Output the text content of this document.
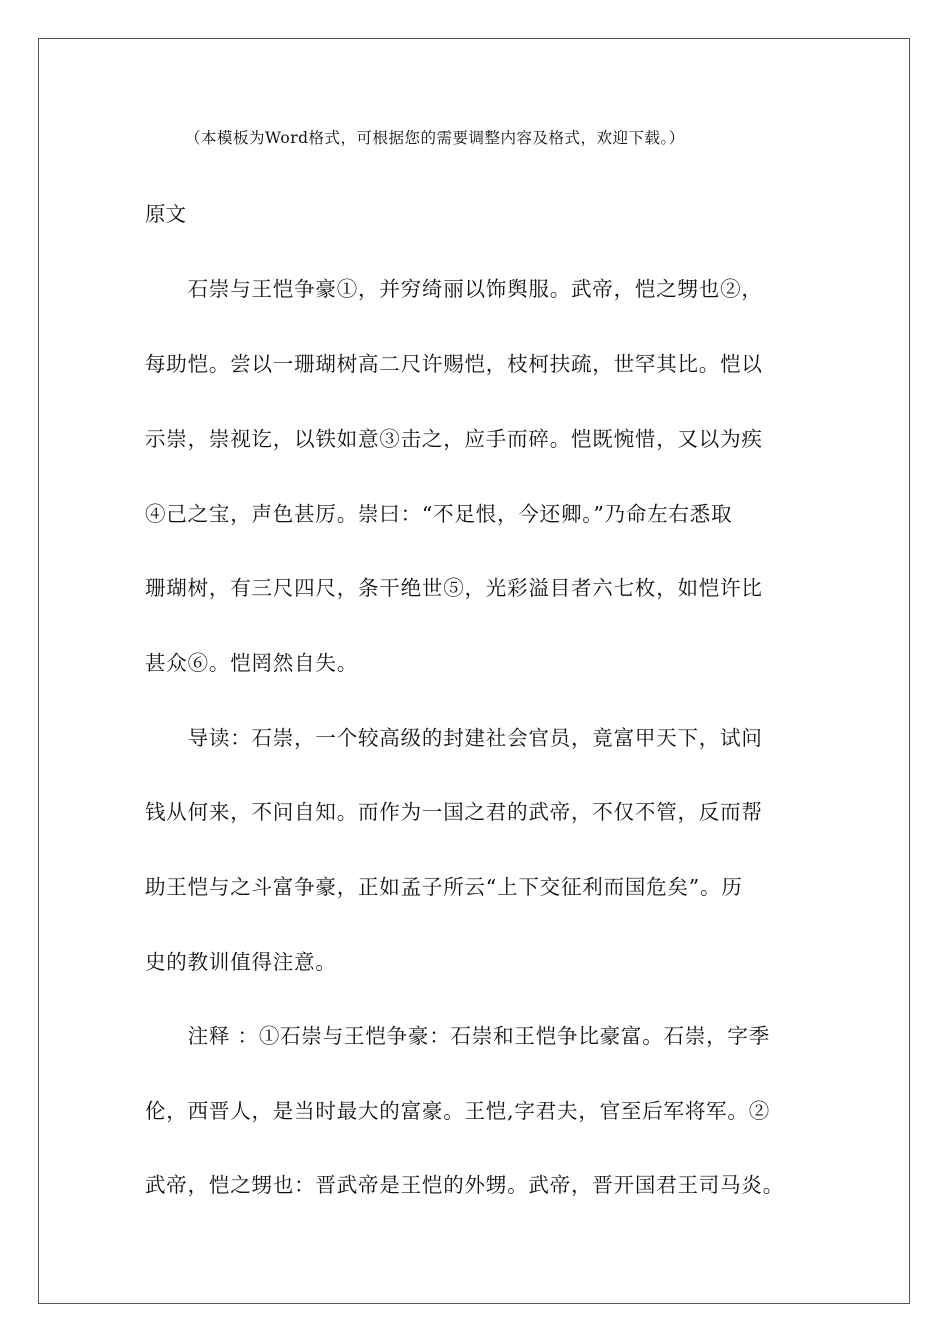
（本模板为Word格式，可根据您的需要调整内容及格式，欢迎下载。）
原文
　　石崇与王恺争豪①，并穷绮丽以饰舆服。武帝，恺之甥也②，
每助恺。尝以一珊瑚树高二尺许赐恺，枝柯扶疏，世罕其比。恺以
示崇，崇视讫，以铁如意③击之，应手而碎。恺既惋惜，又以为疾
④己之宝，声色甚厉。崇曰：“不足恨，今还卿。”乃命左右悉取
珊瑚树，有三尺四尺，条干绝世⑤，光彩溢目者六七枚，如恺许比
甚众⑥。恺罔然自失。
　　导读：石崇，一个较高级的封建社会官员，竟富甲天下，试问
钱从何来，不问自知。而作为一国之君的武帝，不仅不管，反而帮
助王恺与之斗富争豪，正如孟子所云“上下交征利而国危矣”。历
史的教训值得注意。
　　注释 ：①石崇与王恺争豪：石崇和王恺争比豪富。石崇，字季
伦，西晋人，是当时最大的富豪。王恺,字君夫，官至后军将军。②
武帝，恺之甥也：晋武帝是王恺的外甥。武帝，晋开国君王司马炎。
